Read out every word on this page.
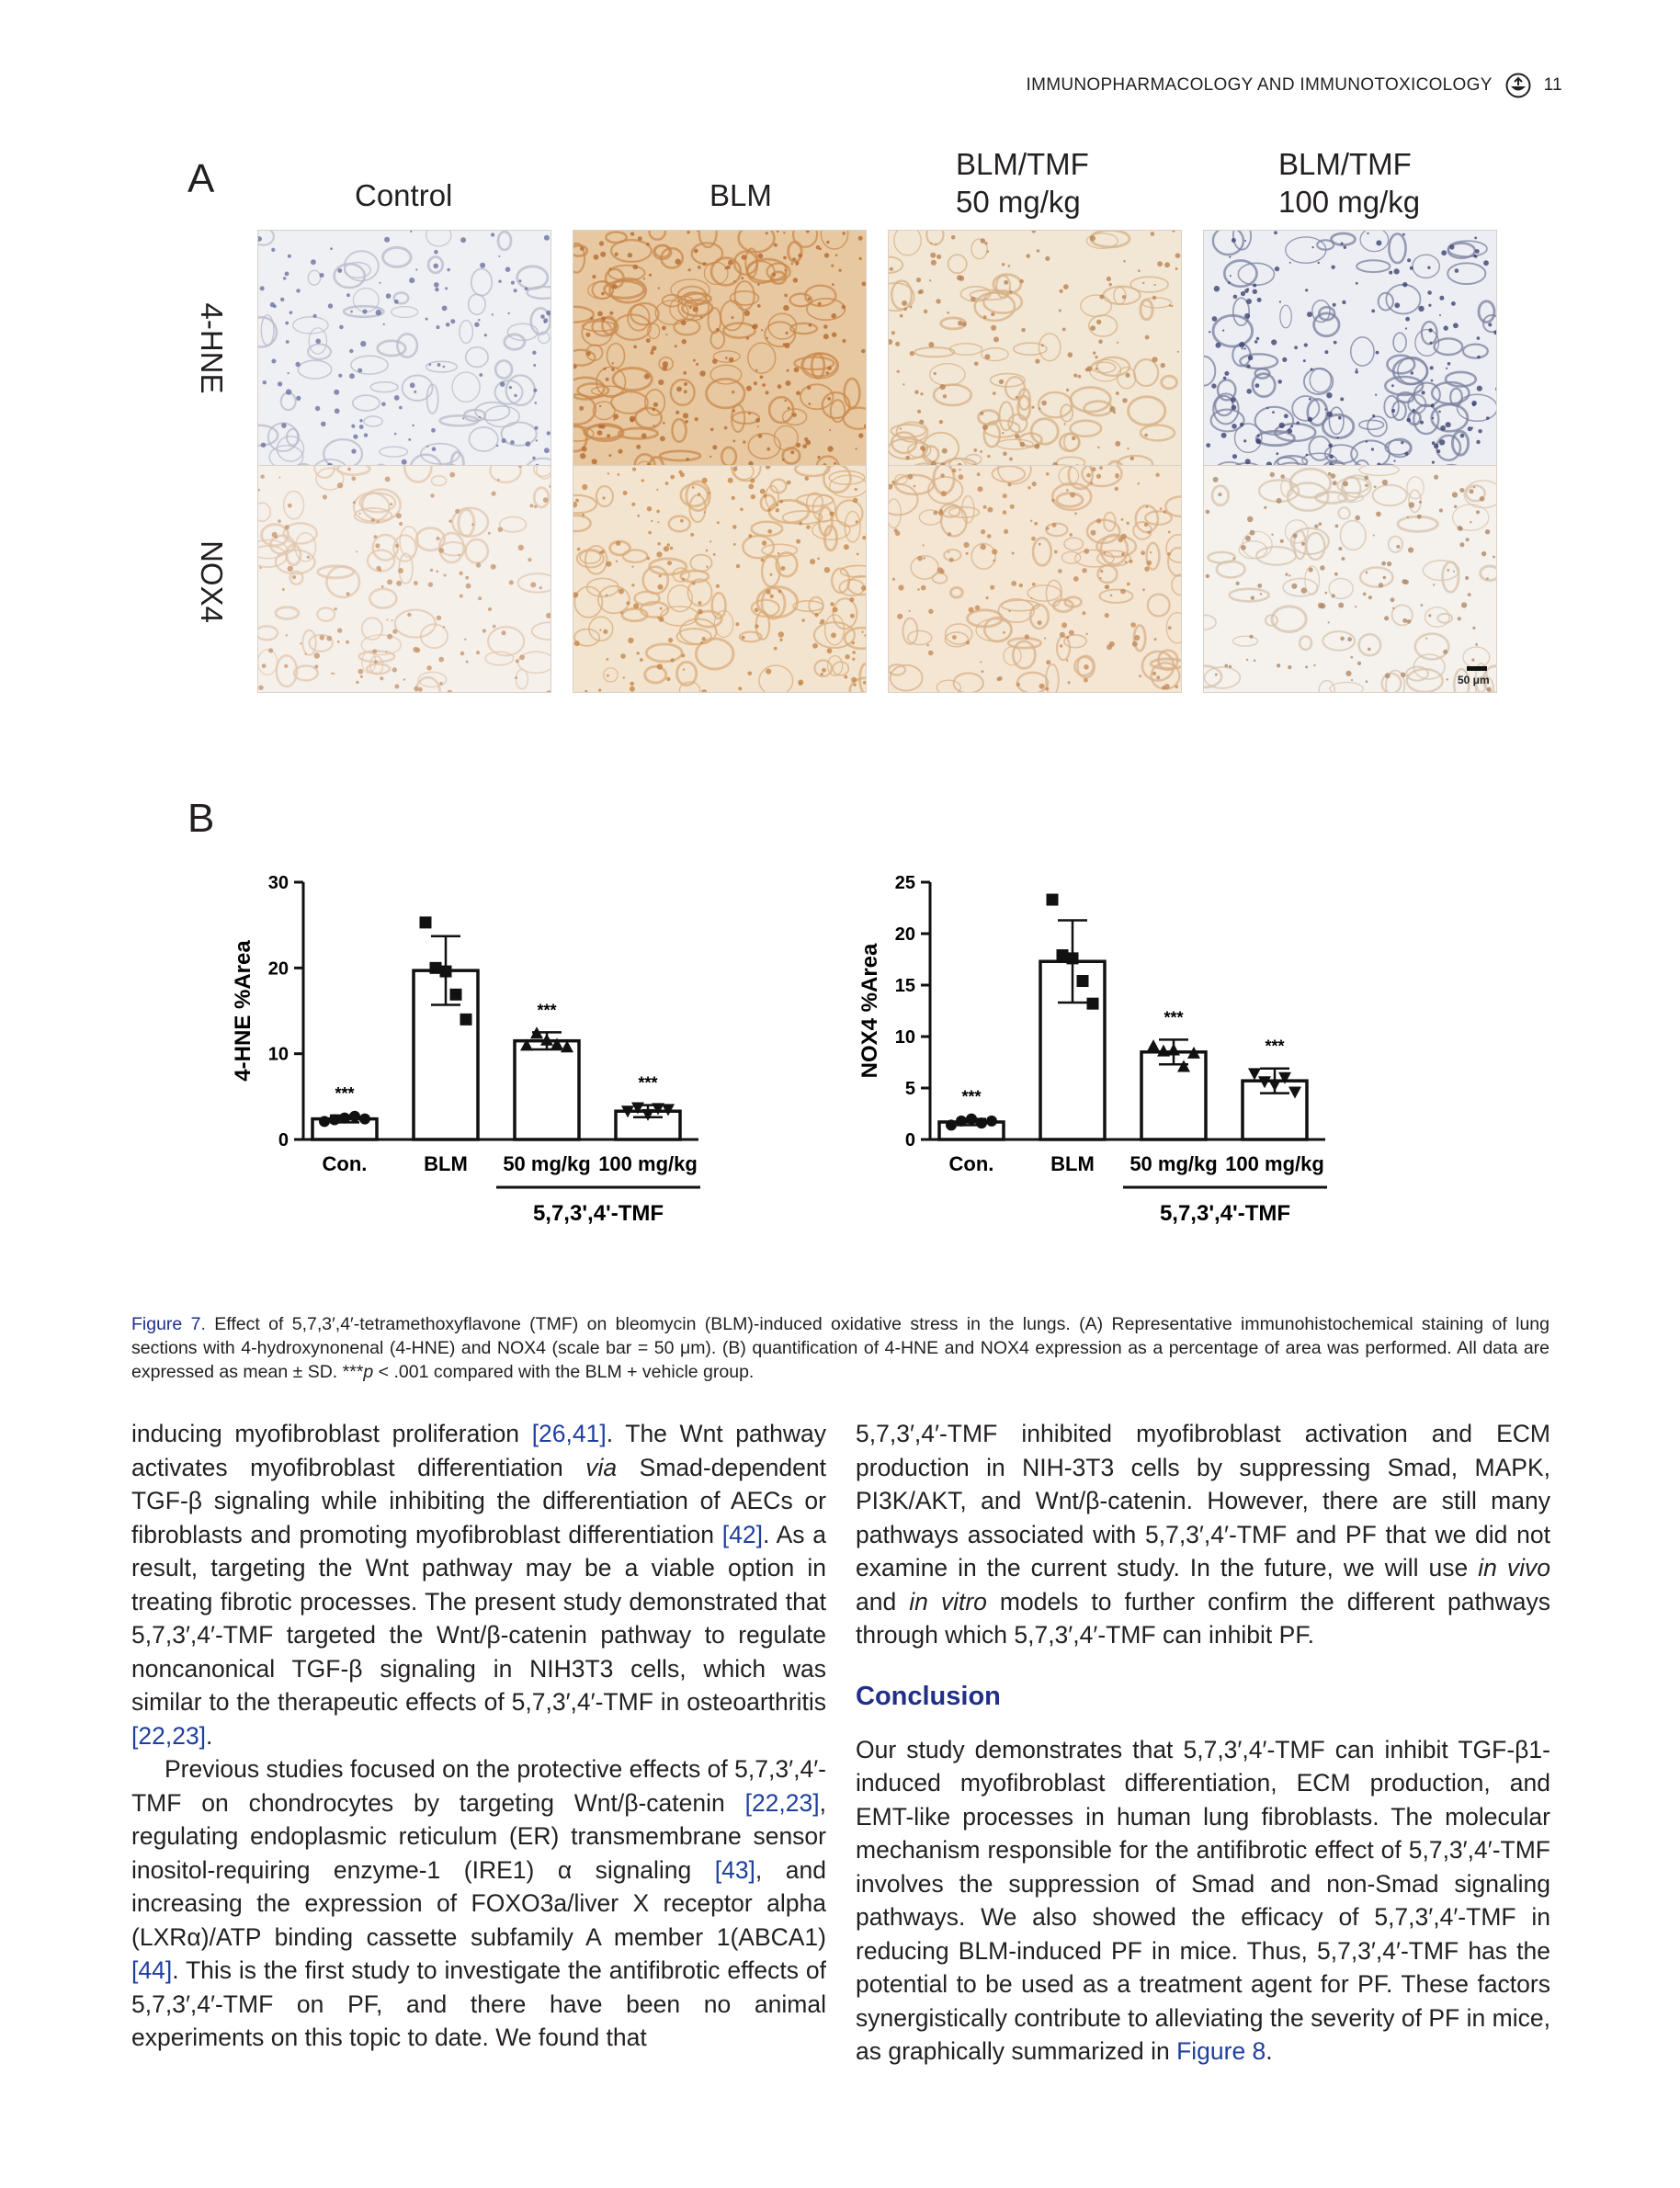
IMMUNOPHARMACOLOGY AND IMMUNOTOXICOLOGY	11
A	Control	BLM
BLM/TMF
50 mg/kg
BLM/TMF
100 mg/kg
4-HNE
NOX4
50 μm
B
4-HNE %Area
0
10
20
30
***
Con.	BLM
***
50 mg/kg
***
100 mg/kg
5,7,3',4'-TMF
NOX4 %Area
0
5
10
15
20
25
***
Con.	BLM
***
50 mg/kg
***
100 mg/kg
5,7,3',4'-TMF
Figure 7. Effect of 5,7,3′,4′-tetramethoxyflavone (TMF) on bleomycin (BLM)-induced oxidative stress in the lungs. (A) Representative immunohistochemical staining of lung sections with 4-hydroxynonenal (4-HNE) and NOX4 (scale bar = 50 μm). (B) quantification of 4-HNE and NOX4 expression as a percentage of area was performed. All data are expressed as mean ± SD. ***p < .001 compared with the BLM + vehicle group.

inducing myofibroblast proliferation [26,41]. The Wnt pathway activates myofibroblast differentiation via Smad-dependent TGF-β signaling while inhibiting the differentiation of AECs or fibroblasts and promoting myofibroblast differentiation [42]. As a result, targeting the Wnt pathway may be a viable option in treating fibrotic processes. The present study demonstrated that 5,7,3′,4′-TMF targeted the Wnt/β-catenin pathway to regulate noncanonical TGF-β signaling in NIH3T3 cells, which was similar to the therapeutic effects of 5,7,3′,4′-TMF in osteoarthritis [22,23].

Previous studies focused on the protective effects of 5,7,3′,4′-TMF on chondrocytes by targeting Wnt/β-catenin [22,23], regulating endoplasmic reticulum (ER) transmembrane sensor inositol-requiring enzyme-1 (IRE1) α signaling [43], and increasing the expression of FOXO3a/liver X receptor alpha (LXRα)/ATP binding cassette subfamily A member 1(ABCA1) [44]. This is the first study to investigate the antifibrotic effects of 5,7,3′,4′-TMF on PF, and there have been no animal experiments on this topic to date. We found that

5,7,3′,4′-TMF inhibited myofibroblast activation and ECM production in NIH-3T3 cells by suppressing Smad, MAPK, PI3K/AKT, and Wnt/β-catenin. However, there are still many pathways associated with 5,7,3′,4′-TMF and PF that we did not examine in the current study. In the future, we will use in vivo and in vitro models to further confirm the different pathways through which 5,7,3′,4′-TMF can inhibit PF.

Conclusion

Our study demonstrates that 5,7,3′,4′-TMF can inhibit TGF-β1-induced myofibroblast differentiation, ECM production, and EMT-like processes in human lung fibroblasts. The molecular mechanism responsible for the antifibrotic effect of 5,7,3′,4′-TMF involves the suppression of Smad and non-Smad signaling pathways. We also showed the efficacy of 5,7,3′,4′-TMF in reducing BLM-induced PF in mice. Thus, 5,7,3′,4′-TMF has the potential to be used as a treatment agent for PF. These factors synergistically contribute to alleviating the severity of PF in mice, as graphically summarized in Figure 8.
